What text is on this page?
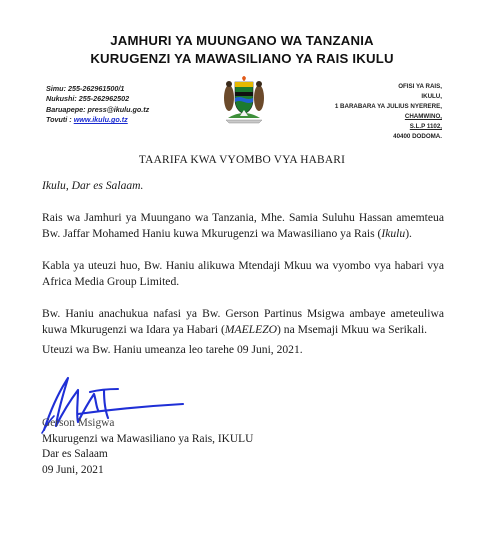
JAMHURI YA MUUNGANO WA TANZANIA
KURUGENZI YA MAWASILIANO YA RAIS IKULU
Simu: 255-262961500/1
Nukushi: 255-262962502
Baruapepe: press@ikulu.go.tz
Tovuti : www.ikulu.go.tz
OFISI YA RAIS,
IKULU,
1 BARABARA YA JULIUS NYERERE,
CHAMWINO,
S.L.P 1102,
40400 DODOMA.
TAARIFA KWA VYOMBO VYA HABARI
Ikulu, Dar es Salaam.
Rais wa Jamhuri ya Muungano wa Tanzania, Mhe. Samia Suluhu Hassan amemteua Bw. Jaffar Mohamed Haniu kuwa Mkurugenzi wa Mawasiliano ya Rais (Ikulu).
Kabla ya uteuzi huo, Bw. Haniu alikuwa Mtendaji Mkuu wa vyombo vya habari vya Africa Media Group Limited.
Bw. Haniu anachukua nafasi ya Bw. Gerson Partinus Msigwa ambaye ameteuliwa kuwa Mkurugenzi wa Idara ya Habari (MAELEZO) na Msemaji Mkuu wa Serikali.
Uteuzi wa Bw. Haniu umeanza leo tarehe 09 Juni, 2021.
Gerson Msigwa
Mkurugenzi wa Mawasiliano ya Rais, IKULU
Dar es Salaam
09 Juni, 2021
